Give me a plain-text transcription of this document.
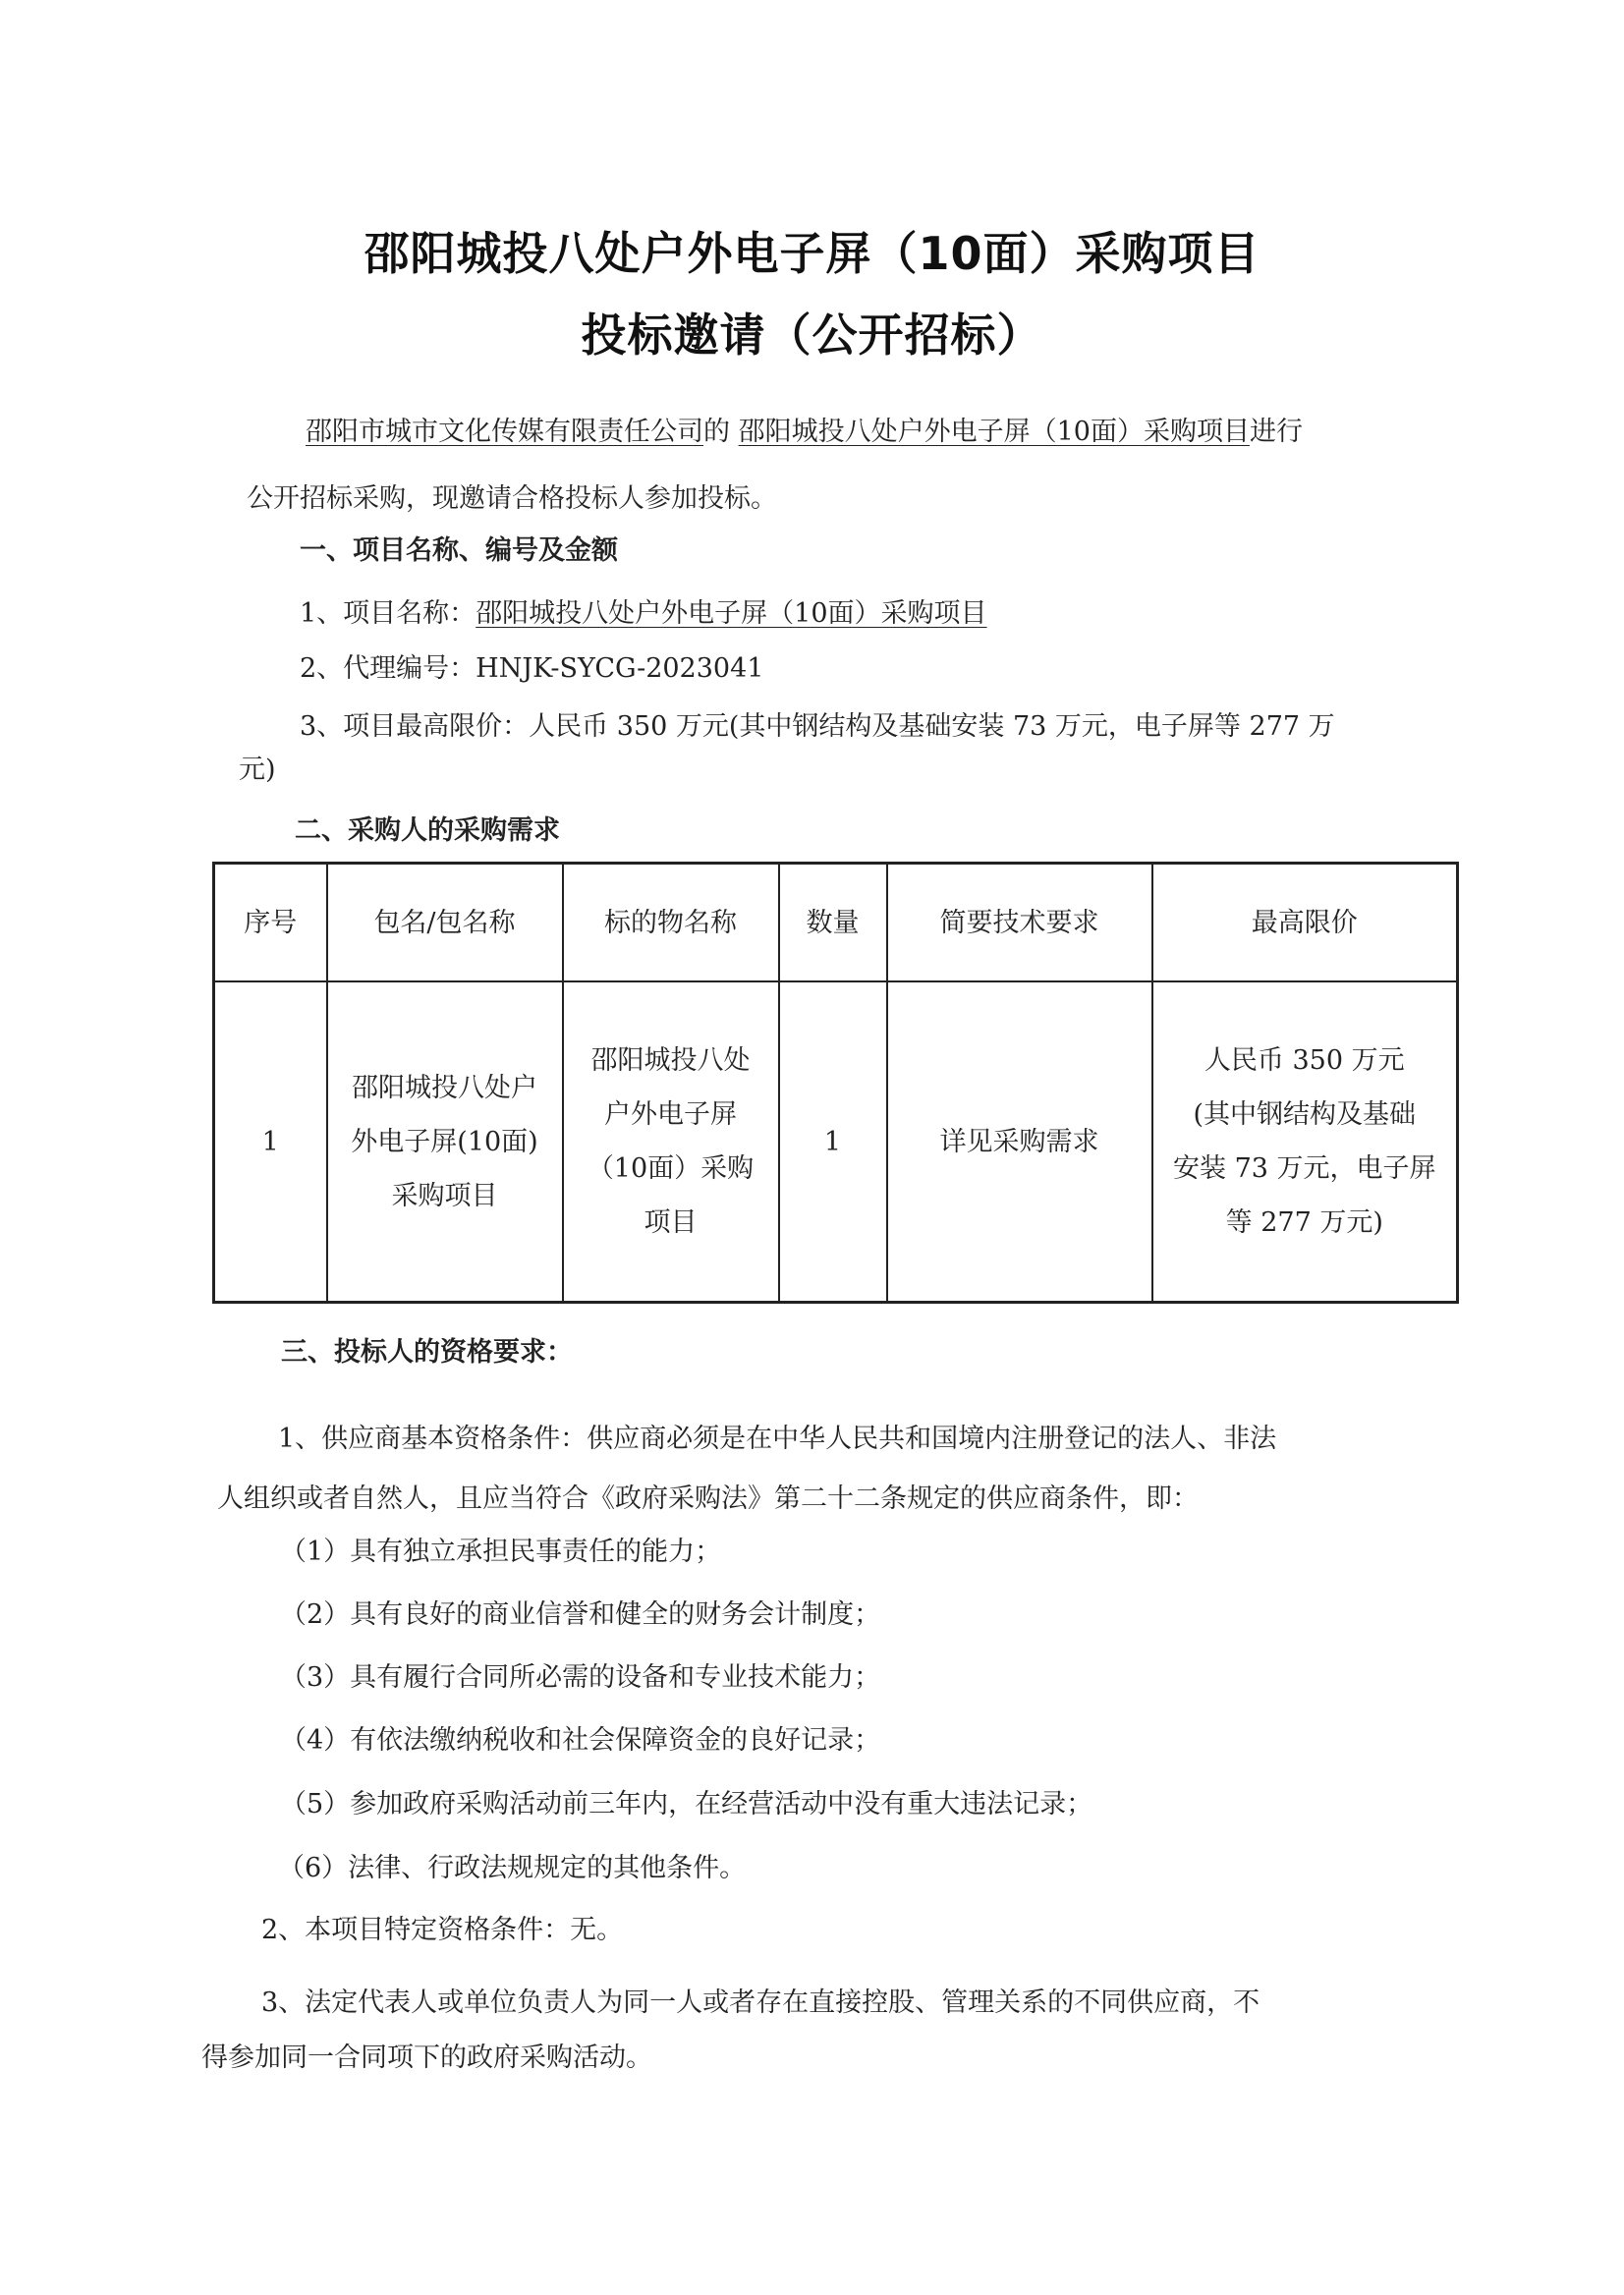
邵阳城投八处户外电子屏（10面）采购项目
投标邀请（公开招标）
邵阳市城市文化传媒有限责任公司的 邵阳城投八处户外电子屏（10面）采购项目进行
公开招标采购，现邀请合格投标人参加投标。
一、项目名称、编号及金额
1、项目名称：邵阳城投八处户外电子屏（10面）采购项目
2、代理编号：HNJK-SYCG-2023041
3、项目最高限价：人民币 350 万元(其中钢结构及基础安装 73 万元，电子屏等 277 万
元)
二、采购人的采购需求
序号	包名/包名称	标的物名称	数量	简要技术要求	最高限价
1	邵阳城投八处户
外电子屏(10面)
采购项目	邵阳城投八处
户外电子屏
（10面）采购
项目	1	详见采购需求	人民币 350 万元
(其中钢结构及基础
安装 73 万元，电子屏
等 277 万元)
三、投标人的资格要求：
1、供应商基本资格条件：供应商必须是在中华人民共和国境内注册登记的法人、非法
人组织或者自然人，且应当符合《政府采购法》第二十二条规定的供应商条件，即：
（1）具有独立承担民事责任的能力；
（2）具有良好的商业信誉和健全的财务会计制度；
（3）具有履行合同所必需的设备和专业技术能力；
（4）有依法缴纳税收和社会保障资金的良好记录；
（5）参加政府采购活动前三年内，在经营活动中没有重大违法记录；
（6）法律、行政法规规定的其他条件。
2、本项目特定资格条件：无。
3、法定代表人或单位负责人为同一人或者存在直接控股、管理关系的不同供应商，不
得参加同一合同项下的政府采购活动。
